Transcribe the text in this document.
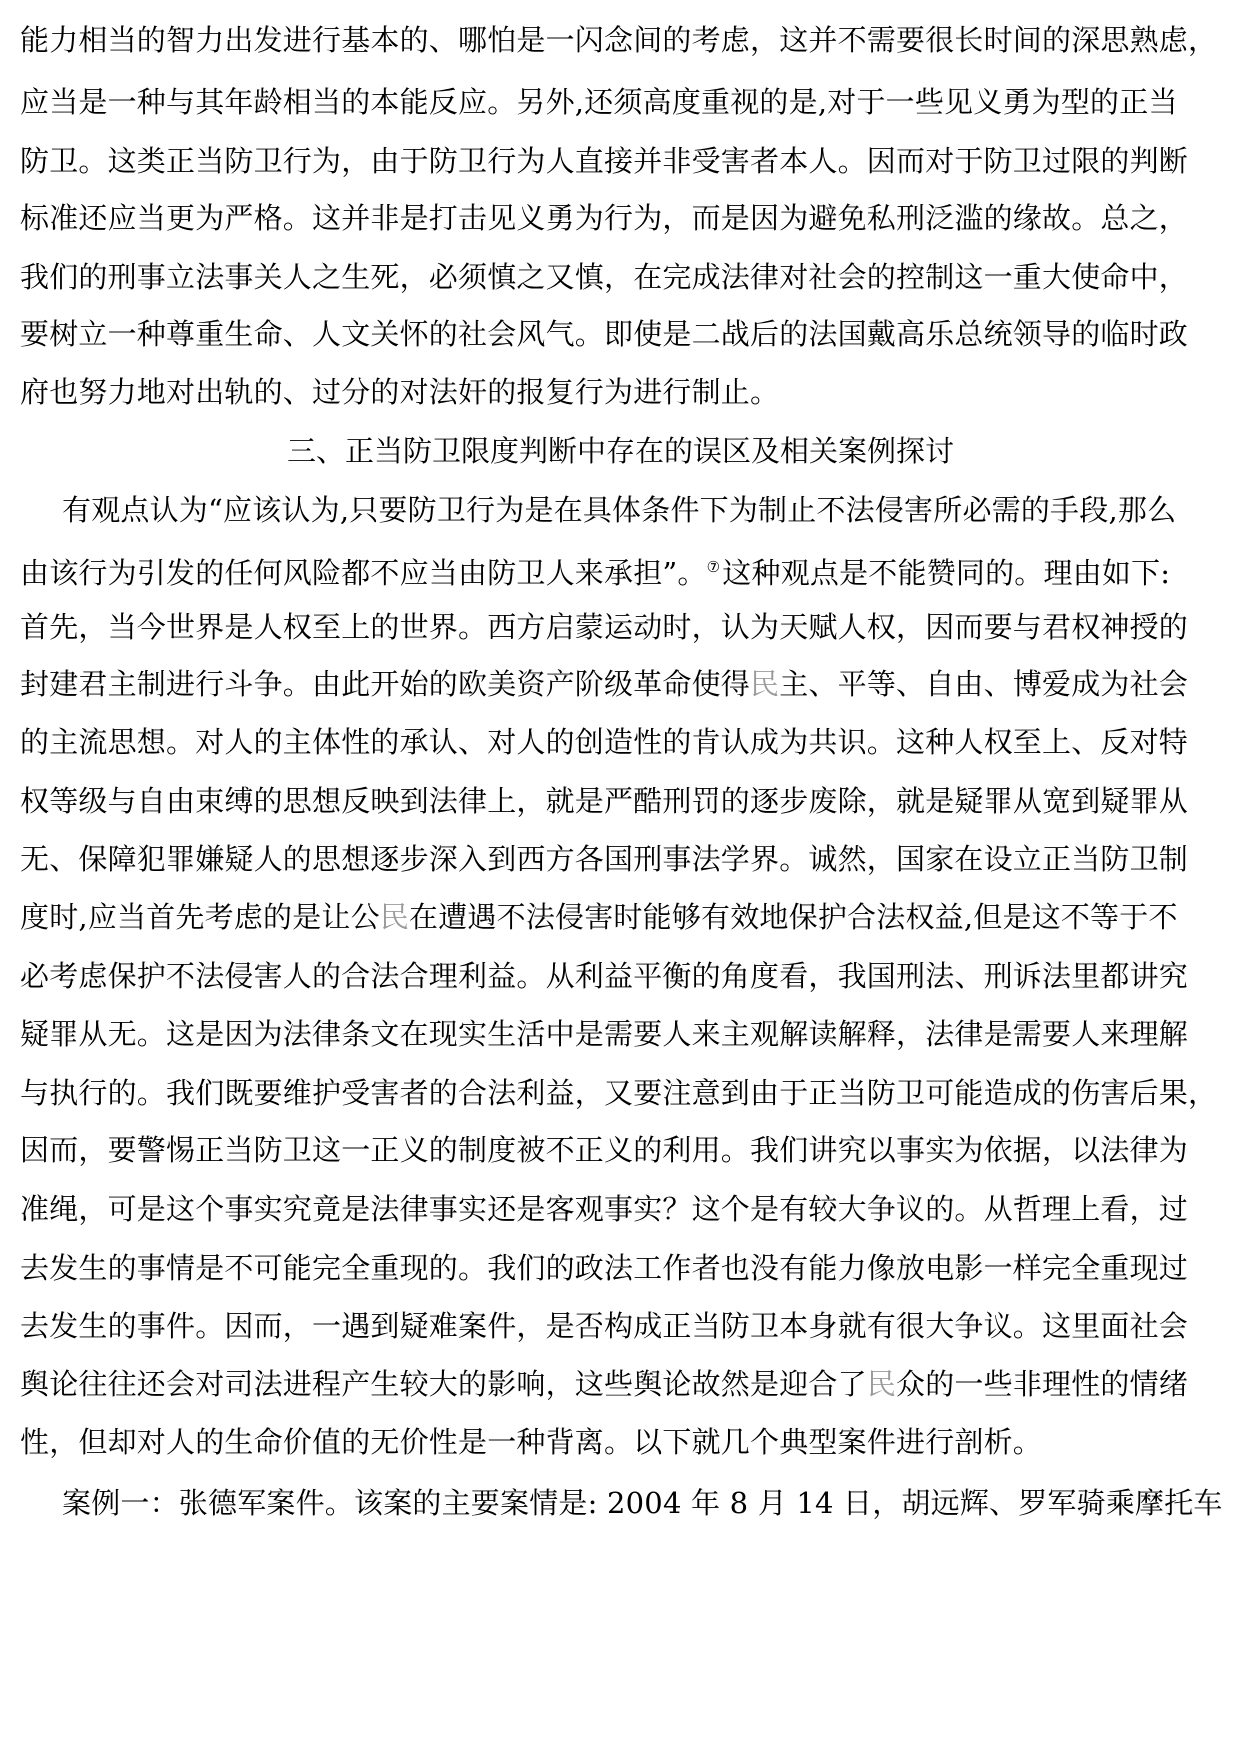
能力相当的智力出发进行基本的、哪怕是一闪念间的考虑，这并不需要很长时间的深思熟虑，
应当是一种与其年龄相当的本能反应。另外,还须高度重视的是,对于一些见义勇为型的正当
防卫。这类正当防卫行为，由于防卫行为人直接并非受害者本人。因而对于防卫过限的判断
标准还应当更为严格。这并非是打击见义勇为行为，而是因为避免私刑泛滥的缘故。总之，
我们的刑事立法事关人之生死，必须慎之又慎，在完成法律对社会的控制这一重大使命中，
要树立一种尊重生命、人文关怀的社会风气。即使是二战后的法国戴高乐总统领导的临时政
府也努力地对出轨的、过分的对法奸的报复行为进行制止。
三、正当防卫限度判断中存在的误区及相关案例探讨
有观点认为“应该认为,只要防卫行为是在具体条件下为制止不法侵害所必需的手段,那么
由该行为引发的任何风险都不应当由防卫人来承担”。⑦这种观点是不能赞同的。理由如下:
首先，当今世界是人权至上的世界。西方启蒙运动时，认为天赋人权，因而要与君权神授的
封建君主制进行斗争。由此开始的欧美资产阶级革命使得民主、平等、自由、博爱成为社会
的主流思想。对人的主体性的承认、对人的创造性的肯认成为共识。这种人权至上、反对特
权等级与自由束缚的思想反映到法律上，就是严酷刑罚的逐步废除，就是疑罪从宽到疑罪从
无、保障犯罪嫌疑人的思想逐步深入到西方各国刑事法学界。诚然，国家在设立正当防卫制
度时,应当首先考虑的是让公民在遭遇不法侵害时能够有效地保护合法权益,但是这不等于不
必考虑保护不法侵害人的合法合理利益。从利益平衡的角度看，我国刑法、刑诉法里都讲究
疑罪从无。这是因为法律条文在现实生活中是需要人来主观解读解释，法律是需要人来理解
与执行的。我们既要维护受害者的合法利益，又要注意到由于正当防卫可能造成的伤害后果，
因而，要警惕正当防卫这一正义的制度被不正义的利用。我们讲究以事实为依据，以法律为
准绳，可是这个事实究竟是法律事实还是客观事实？这个是有较大争议的。从哲理上看，过
去发生的事情是不可能完全重现的。我们的政法工作者也没有能力像放电影一样完全重现过
去发生的事件。因而，一遇到疑难案件，是否构成正当防卫本身就有很大争议。这里面社会
舆论往往还会对司法进程产生较大的影响，这些舆论故然是迎合了民众的一些非理性的情绪
性，但却对人的生命价值的无价性是一种背离。以下就几个典型案件进行剖析。
案例一：张德军案件。该案的主要案情是: 2004 年 8 月 14 日，胡远辉、罗军骑乘摩托车
